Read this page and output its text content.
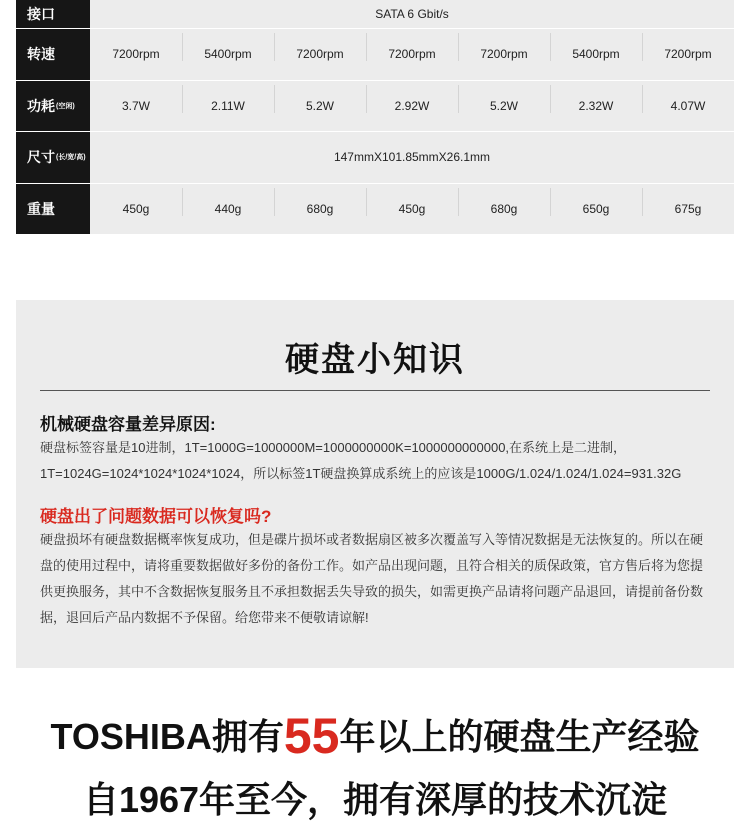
接口	SATA 6 Gbit/s
转速	7200rpm	5400rpm	7200rpm	7200rpm	7200rpm	5400rpm	7200rpm
功耗 (空闲)	3.7W	2.11W	5.2W	2.92W	5.2W	2.32W	4.07W
尺寸 (长/宽/高)	147mmX101.85mmX26.1mm
重量	450g	440g	680g	450g	680g	650g	675g
硬盘小知识
机械硬盘容量差异原因:
硬盘标签容量是10进制，1T=1000G=1000000M=1000000000K=1000000000000,在系统上是二进制，1T=1024G=1024*1024*1024*1024，所以标签1T硬盘换算成系统上的应该是1000G/1.024/1.024/1.024=931.32G
硬盘出了问题数据可以恢复吗?
硬盘损坏有硬盘数据概率恢复成功，但是碟片损坏或者数据扇区被多次覆盖写入等情况数据是无法恢复的。所以在硬盘的使用过程中，请将重要数据做好多份的备份工作。如产品出现问题，且符合相关的质保政策，官方售后将为您提供更换服务，其中不含数据恢复服务且不承担数据丢失导致的损失，如需更换产品请将问题产品退回，请提前备份数据，退回后产品内数据不予保留。给您带来不便敬请谅解!
TOSHIBA拥有55年以上的硬盘生产经验
自1967年至今，拥有深厚的技术沉淀
